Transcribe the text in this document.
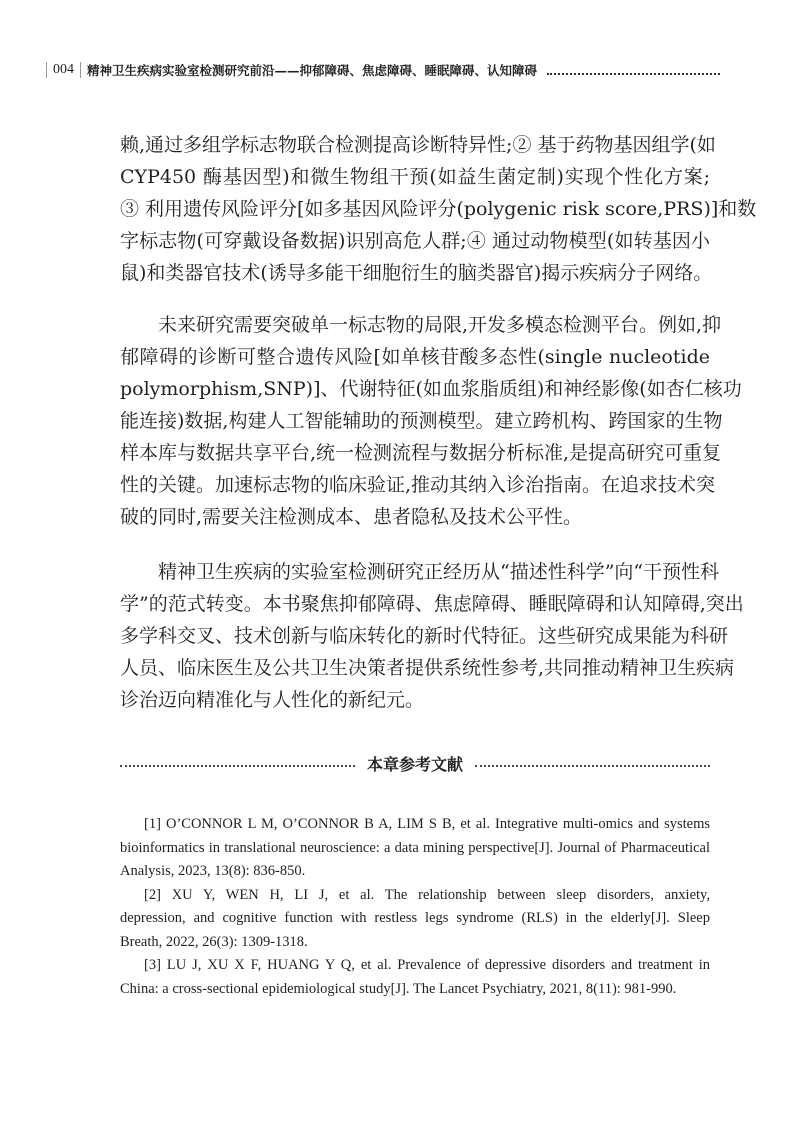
004 精神卫生疾病实验室检测研究前沿——抑郁障碍、焦虑障碍、睡眠障碍、认知障碍
赖,通过多组学标志物联合检测提高诊断特异性;② 基于药物基因组学(如
CYP450 酶基因型)和微生物组干预(如益生菌定制)实现个性化方案;
③ 利用遗传风险评分[如多基因风险评分(polygenic risk score,PRS)]和数
字标志物(可穿戴设备数据)识别高危人群;④ 通过动物模型(如转基因小
鼠)和类器官技术(诱导多能干细胞衍生的脑类器官)揭示疾病分子网络。
　　未来研究需要突破单一标志物的局限,开发多模态检测平台。例如,抑
郁障碍的诊断可整合遗传风险[如单核苷酸多态性(single nucleotide
polymorphism,SNP)]、代谢特征(如血浆脂质组)和神经影像(如杏仁核功
能连接)数据,构建人工智能辅助的预测模型。建立跨机构、跨国家的生物
样本库与数据共享平台,统一检测流程与数据分析标准,是提高研究可重复
性的关键。加速标志物的临床验证,推动其纳入诊治指南。在追求技术突
破的同时,需要关注检测成本、患者隐私及技术公平性。
　　精神卫生疾病的实验室检测研究正经历从“描述性科学”向“干预性科
学”的范式转变。本书聚焦抑郁障碍、焦虑障碍、睡眠障碍和认知障碍,突出
多学科交叉、技术创新与临床转化的新时代特征。这些研究成果能为科研
人员、临床医生及公共卫生决策者提供系统性参考,共同推动精神卫生疾病
诊治迈向精准化与人性化的新纪元。
本章参考文献
[1] O’CONNOR L M, O’CONNOR B A, LIM S B, et al. Integrative multi-omics and systems
bioinformatics in translational neuroscience: a data mining perspective[J]. Journal of Pharmaceutical
Analysis, 2023, 13(8): 836-850.
[2] XU Y, WEN H, LI J, et al. The relationship between sleep disorders, anxiety,
depression, and cognitive function with restless legs syndrome (RLS) in the elderly[J]. Sleep
Breath, 2022, 26(3): 1309-1318.
[3] LU J, XU X F, HUANG Y Q, et al. Prevalence of depressive disorders and treatment in
China: a cross-sectional epidemiological study[J]. The Lancet Psychiatry, 2021, 8(11): 981-990.
